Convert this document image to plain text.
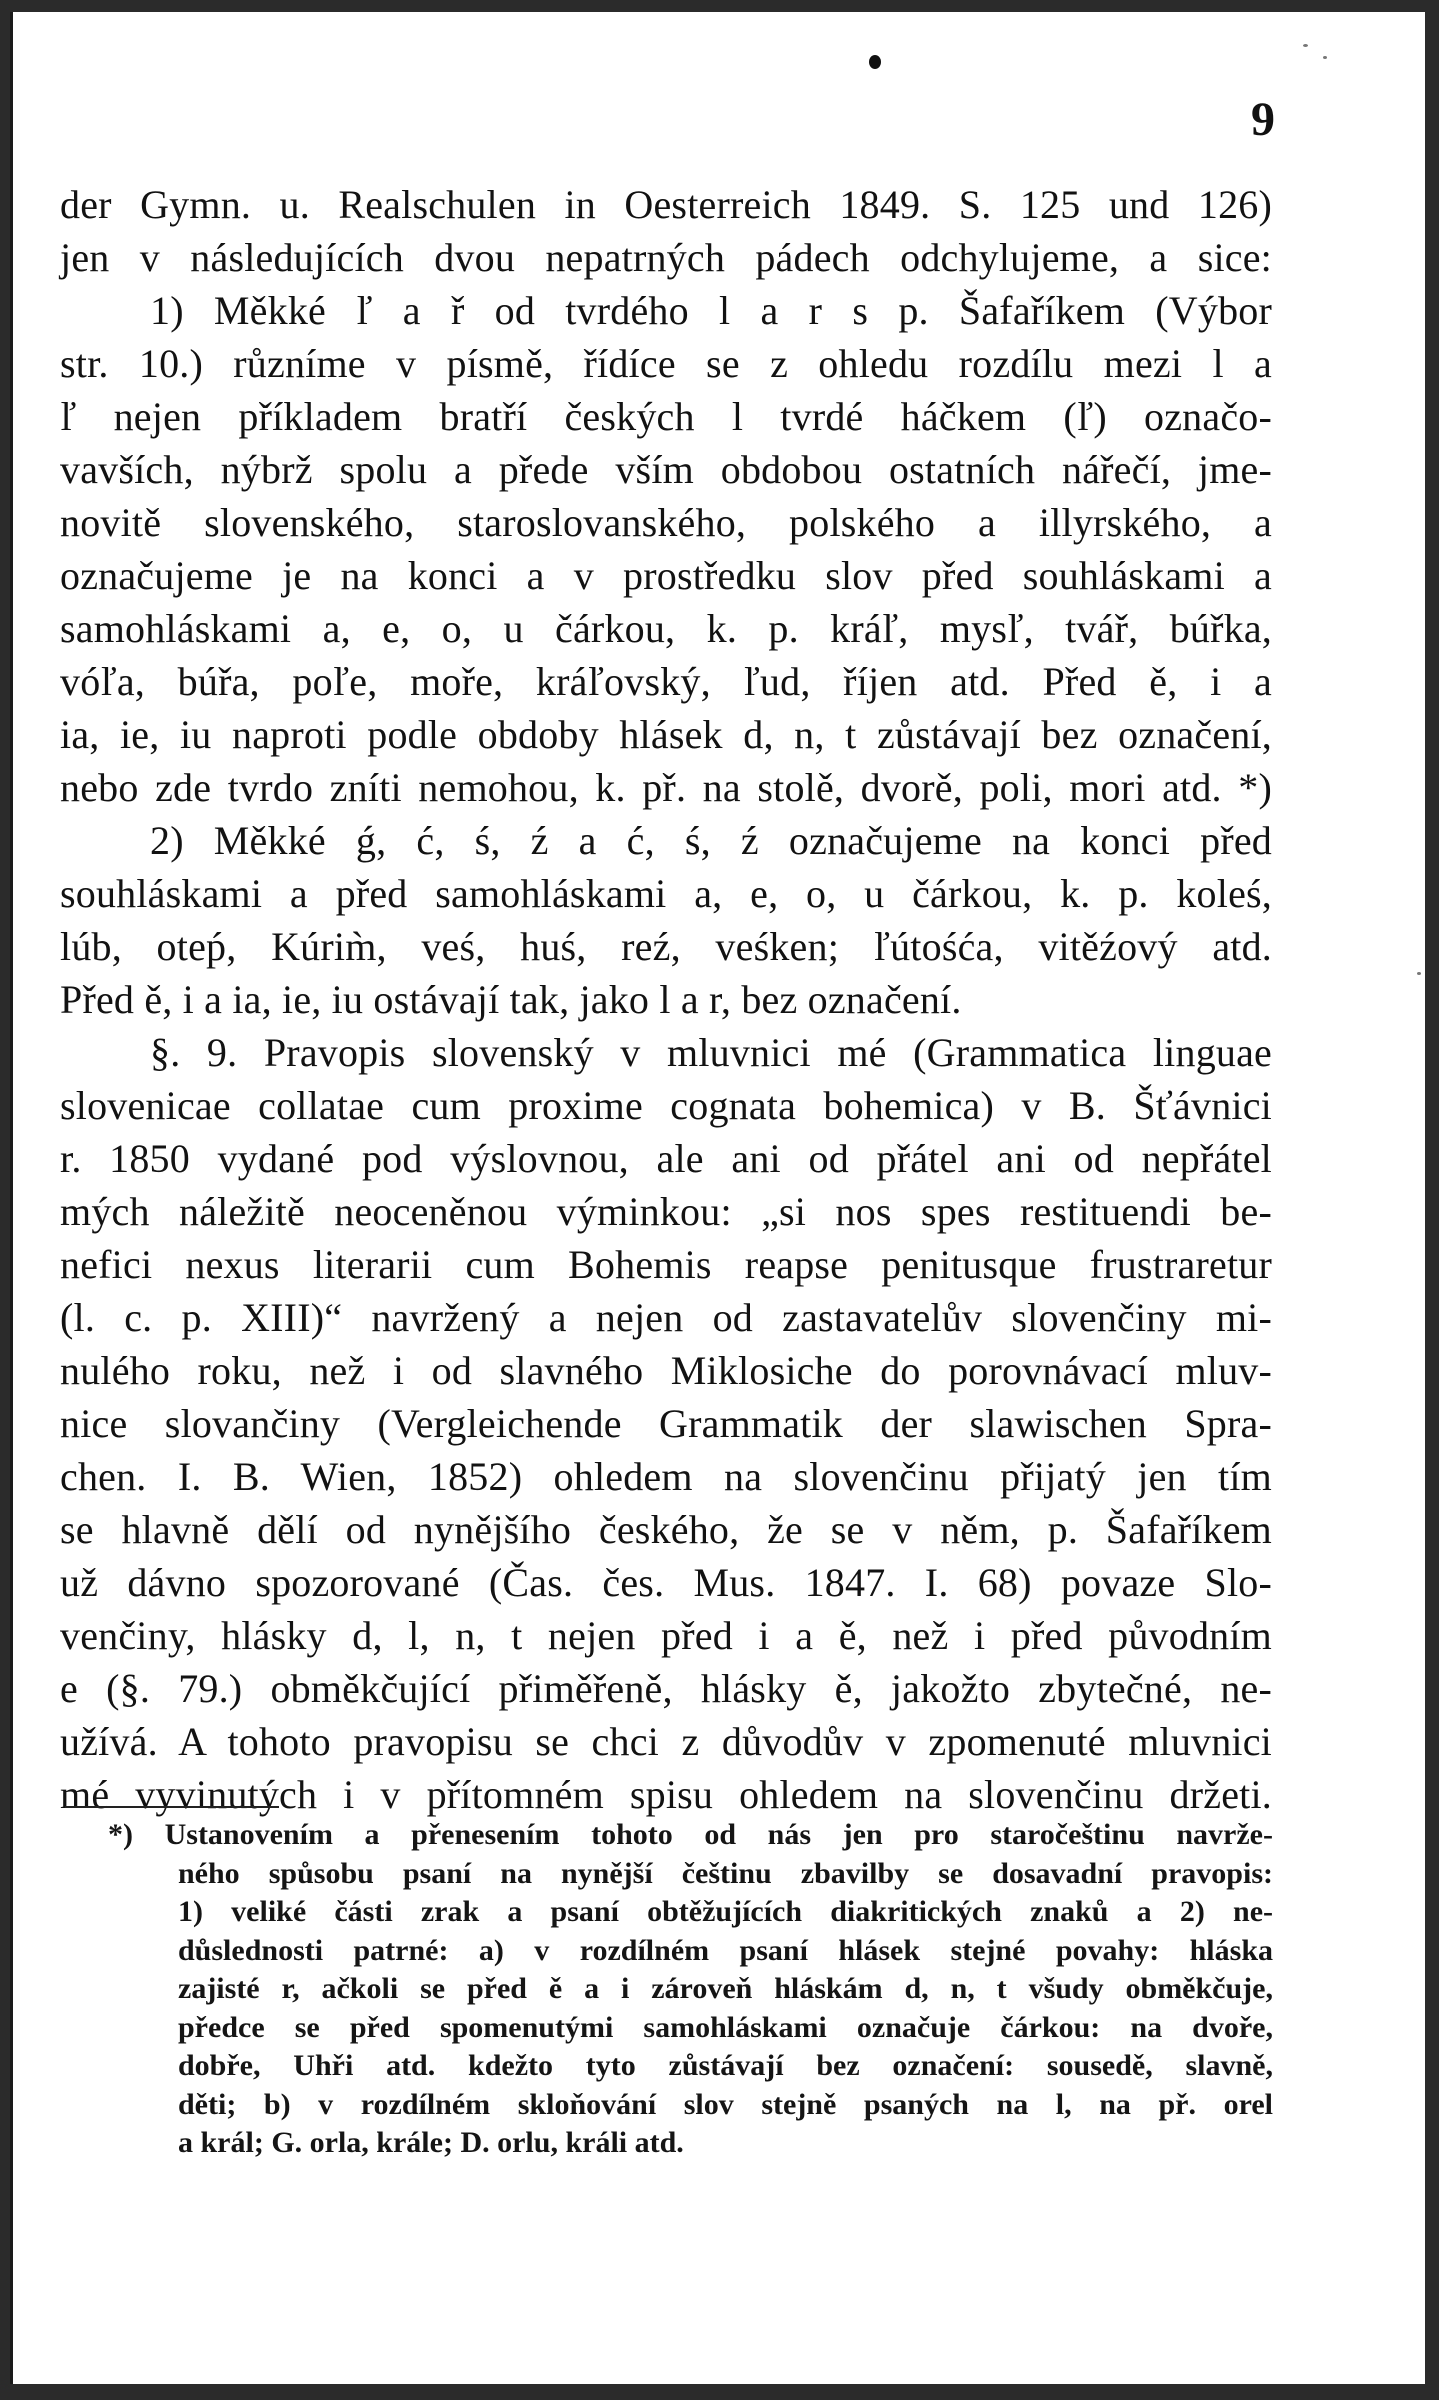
9
der Gymn. u. Realschulen in Oesterreich 1849. S. 125 und 126)
jen v následujících dvou nepatrných pádech odchylujeme, a sice:
1) Měkké ľ a ř od tvrdého l a r s p. Šafaříkem (Výbor
str. 10.) různíme v písmě, řídíce se z ohledu rozdílu mezi l a
ľ nejen příkladem bratří českých l tvrdé háčkem (ľ) označo-
vavších, nýbrž spolu a přede vším obdobou ostatních nářečí, jme-
novitě slovenského, staroslovanského, polského a illyrského, a
označujeme je na konci a v prostředku slov před souhláskami a
samohláskami a, e, o, u čárkou, k. p. kráľ, mysľ, tvář, búřka,
vóľa, búřa, poľe, mořе, kráľovský, ľud, říjen atd. Před ě, i a
ia, ie, iu naproti podle obdoby hlásek d, n, t zůstávají bez označení,
nebo zde tvrdo zníti nemohou, k. př. na stolě, dvorě, poli, mori atd. *)
2) Měkké ǵ, ć, ś, ź a ć, ś, ź označujeme na konci před
souhláskami a před samohláskami a, e, o, u čárkou, k. p. koleś,
lúb, oteṕ, Kúrim̀, veś, huś, reź, veśken; ľútośća, vitěźový atd.
Před ě, i a ia, ie, iu ostávají tak, jako l a r, bez označení.
§. 9. Pravopis slovenský v mluvnici mé (Grammatica linguae
slovenicae collatae cum proxime cognata bohemica) v B. Šťávnici
r. 1850 vydané pod výslovnou, ale ani od přátel ani od nepřátel
mých náležitě neoceněnou výminkou: „si nos spes restituendi be-
nefici nexus literarii cum Bohemis reapse penitusque frustraretur
(l. c. p. XIII)“ navržený a nejen od zastavatelův slovenčiny mi-
nulého roku, než i od slavného Miklosiche do porovnávací mluv-
nice slovančiny (Vergleichende Grammatik der slawischen Spra-
chen. I. B. Wien, 1852) ohledem na slovenčinu přijatý jen tím
se hlavně dělí od nynějšího českého, že se v něm, p. Šafaříkem
už dávno spozorované (Čas. čes. Mus. 1847. I. 68) povaze Slo-
venčiny, hlásky d, l, n, t nejen před i a ě, než i před původním
e (§. 79.) obměkčující přiměřeně, hlásky ě, jakožto zbytečné, ne-
užívá. A tohoto pravopisu se chci z důvodův v zpomenuté mluvnici
mé vyvinutých i v přítomném spisu ohledem na slovenčinu držeti.
*) Ustanovením a přenesením tohoto od nás jen pro staročeštinu navrže-
ného spůsobu psaní na nynější češtinu zbavilby se dosavadní pravopis:
1) veliké části zrak a psaní obtěžujících diakritických znaků a 2) ne-
důslednosti patrné: a) v rozdílném psaní hlásek stejné povahy: hláska
zajisté r, ačkoli se před ě a i zároveň hláskám d, n, t všudy obměkčuje,
předce se před spomenutými samohláskami označuje čárkou: na dvoře,
dobře, Uhři atd. kdežto tyto zůstávají bez označení: sousedě, slavně,
děti; b) v rozdílném skloňování slov stejně psaných na l, na př. orel
a král; G. orla, krále; D. orlu, králi atd.
